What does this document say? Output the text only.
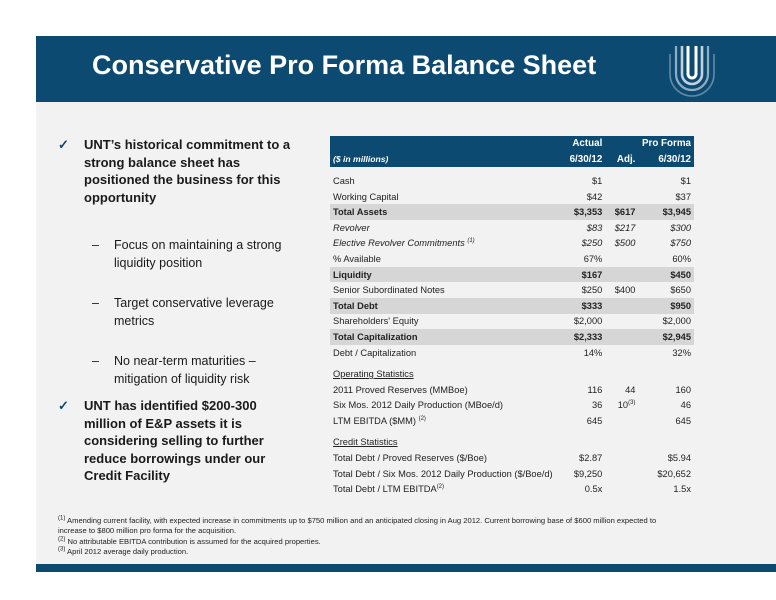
Conservative Pro Forma Balance Sheet
✓ UNT’s historical commitment to a strong balance sheet has positioned the business for this opportunity
– Focus on maintaining a strong liquidity position
– Target conservative leverage metrics
– No near-term maturities – mitigation of liquidity risk
✓ UNT has identified $200-300 million of E&P assets it is considering selling to further reduce borrowings under our Credit Facility
	Actual		Pro Forma
($ in millions)	6/30/12	Adj.	6/30/12

Cash	$1		$1
Working Capital	$42		$37
Total Assets	$3,353	$617	$3,945
Revolver	$83	$217	$300
Elective Revolver Commitments $^{(1)}$	$250	$500	$750
% Available	67%		60%
Liquidity	$167		$450
Senior Subordinated Notes	$250	$400	$650
Total Debt	$333		$950
Shareholders' Equity	$2,000		$2,000
Total Capitalization	$2,333		$2,945
Debt / Capitalization	14%		32%

Operating Statistics			
2011 Proved Reserves (MMBoe)	116	44	160
Six Mos. 2012 Daily Production (MBoe/d)	36	10$^{(3)}$	46
LTM EBITDA ($MM) $^{(2)}$	645		645

Credit Statistics			
Total Debt / Proved Reserves ($/Boe)	$2.87		$5.94
Total Debt / Six Mos. 2012 Daily Production ($/Boe/d)	$9,250		$20,652
Total Debt / LTM EBITDA$^{(2)}$	0.5x		1.5x
$^{(1)}$ Amending current facility, with expected increase in commitments up to $750 million and an anticipated closing in Aug 2012. Current borrowing base of $600 million expected to increase to $800 million pro forma for the acquisition.
$^{(2)}$ No attributable EBITDA contribution is assumed for the acquired properties.
$^{(3)}$ April 2012 average daily production.
